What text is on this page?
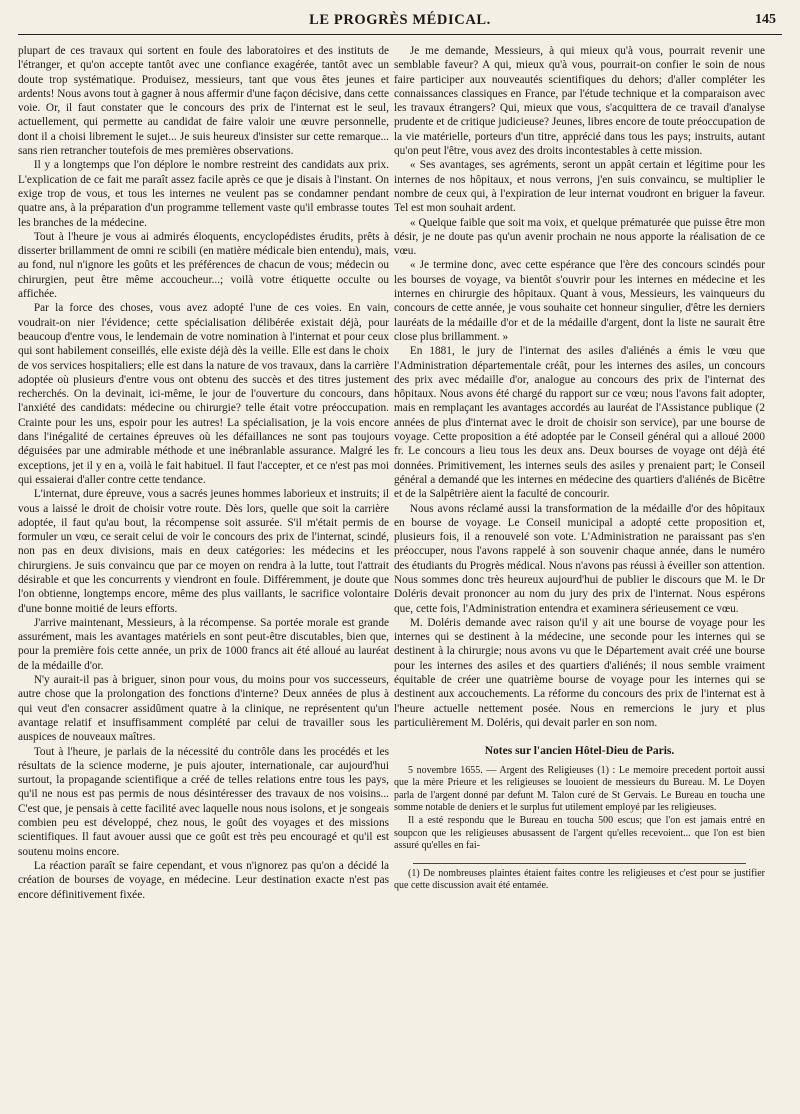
LE PROGRÈS MÉDICAL.	145

plupart de ces travaux qui sortent en foule des laboratoires et des instituts de l'étranger, et qu'on accepte tantôt avec une confiance exagérée, tantôt avec un doute trop systématique. Produisez, messieurs, tant que vous êtes jeunes et ardents! Nous avons tout à gagner à nous affermir d'une façon décisive, dans cette voie. Or, il faut constater que le concours des prix de l'internat est le seul, actuellement, qui permette au candidat de faire valoir une œuvre personnelle, dont il a choisi librement le sujet... Je suis heureux d'insister sur cette remarque... sans rien retrancher toutefois de mes premières observations.

Il y a longtemps que l'on déplore le nombre restreint des candidats aux prix. L'explication de ce fait me paraît assez facile après ce que je disais à l'instant. On exige trop de vous, et tous les internes ne veulent pas se condamner pendant quatre ans, à la préparation d'un programme tellement vaste qu'il embrasse toutes les branches de la médecine.

Tout à l'heure je vous ai admirés éloquents, encyclopédistes érudits, prêts à disserter brillamment de omni re scibili (en matière médicale bien entendu), mais, au fond, nul n'ignore les goûts et les préférences de chacun de vous; médecin ou chirurgien, peut être même accoucheur...; voilà votre étiquette occulte ou affichée.

Par la force des choses, vous avez adopté l'une de ces voies. En vain, voudrait-on nier l'évidence; cette spécialisation délibérée existait déjà, pour beaucoup d'entre vous, le lendemain de votre nomination à l'internat et pour ceux qui sont habilement conseillés, elle existe déjà dès la veille. Elle est dans le choix de vos services hospitaliers; elle est dans la nature de vos travaux, dans la carrière adoptée où plusieurs d'entre vous ont obtenu des succès et des titres justement recherchés. On la devinait, ici-même, le jour de l'ouverture du concours, dans l'anxiété des candidats: médecine ou chirurgie? telle était votre préoccupation. Crainte pour les uns, espoir pour les autres! La spécialisation, je la vois encore dans l'inégalité de certaines épreuves où les défaillances ne sont pas toujours déguisées par une admirable méthode et une inébranlable assurance. Malgré les exceptions, jet il y en a, voilà le fait habituel. Il faut l'accepter, et ce n'est pas moi qui essaierai d'aller contre cette tendance.

L'internat, dure épreuve, vous a sacrés jeunes hommes laborieux et instruits; il vous a laissé le droit de choisir votre route. Dès lors, quelle que soit la carrière adoptée, il faut qu'au bout, la récompense soit assurée. S'il m'était permis de formuler un vœu, ce serait celui de voir le concours des prix de l'internat, scindé, non pas en deux divisions, mais en deux catégories: les médecins et les chirurgiens. Je suis convaincu que par ce moyen on rendra à la lutte, tout l'attrait désirable et que les concurrents y viendront en foule. Différemment, je doute que l'on obtienne, longtemps encore, même des plus vaillants, le sacrifice volontaire d'une bonne moitié de leurs efforts.

J'arrive maintenant, Messieurs, à la récompense. Sa portée morale est grande assurément, mais les avantages matériels en sont peut-être discutables, bien que, pour la première fois cette année, un prix de 1000 francs ait été alloué au lauréat de la médaille d'or.

N'y aurait-il pas à briguer, sinon pour vous, du moins pour vos successeurs, autre chose que la prolongation des fonctions d'interne? Deux années de plus à qui veut d'en consacrer assidûment quatre à la clinique, ne représentent qu'un avantage relatif et insuffisamment complété par celui de travailler sous les auspices de nouveaux maîtres.

Tout à l'heure, je parlais de la nécessité du contrôle dans les procédés et les résultats de la science moderne, je puis ajouter, internationale, car aujourd'hui surtout, la propagande scientifique a créé de telles relations entre tous les pays, qu'il ne nous est pas permis de nous désintéresser des travaux de nos voisins... C'est que, je pensais à cette facilité avec laquelle nous nous isolons, et je songeais combien peu est développé, chez nous, le goût des voyages et des missions scientifiques. Il faut avouer aussi que ce goût est très peu encouragé et qu'il est soutenu moins encore.

La réaction paraît se faire cependant, et vous n'ignorez pas qu'on a décidé la création de bourses de voyage, en médecine. Leur destination exacte n'est pas encore définitivement fixée.

Je me demande, Messieurs, à qui mieux qu'à vous, pourrait revenir une semblable faveur? A qui, mieux qu'à vous, pourrait-on confier le soin de nous faire participer aux nouveautés scientifiques du dehors; d'aller compléter les connaissances classiques en France, par l'étude technique et la comparaison avec les travaux étrangers? Qui, mieux que vous, s'acquittera de ce travail d'analyse prudente et de critique judicieuse? Jeunes, libres encore de toute préoccupation de la vie matérielle, porteurs d'un titre, apprécié dans tous les pays; instruits, autant qu'on peut l'être, vous avez des droits incontestables à cette mission.

« Ses avantages, ses agréments, seront un appât certain et légitime pour les internes de nos hôpitaux, et nous verrons, j'en suis convaincu, se multiplier le nombre de ceux qui, à l'expiration de leur internat voudront en briguer la faveur. Tel est mon souhait ardent.

« Quelque faible que soit ma voix, et quelque prématurée que puisse être mon désir, je ne doute pas qu'un avenir prochain ne nous apporte la réalisation de ce vœu.

« Je termine donc, avec cette espérance que l'ère des concours scindés pour les bourses de voyage, va bientôt s'ouvrir pour les internes en médecine et les internes en chirurgie des hôpitaux. Quant à vous, Messieurs, les vainqueurs du concours de cette année, je vous souhaite cet honneur singulier, d'être les derniers lauréats de la médaille d'or et de la médaille d'argent, dont la liste ne saurait être close plus brillamment. »

En 1881, le jury de l'internat des asiles d'aliénés a émis le vœu que l'Administration départementale créât, pour les internes des asiles, un concours des prix avec médaille d'or, analogue au concours des prix de l'internat des hôpitaux. Nous avons été chargé du rapport sur ce vœu; nous l'avons fait adopter, mais en remplaçant les avantages accordés au lauréat de l'Assistance publique (2 années de plus d'internat avec le droit de choisir son service), par une bourse de voyage. Cette proposition a été adoptée par le Conseil général qui a alloué 2000 fr. Le concours a lieu tous les deux ans. Deux bourses de voyage ont déjà été données. Primitivement, les internes seuls des asiles y prenaient part; le Conseil général a demandé que les internes en médecine des quartiers d'aliénés de Bicêtre et de la Salpêtrière aient la faculté de concourir.

Nous avons réclamé aussi la transformation de la médaille d'or des hôpitaux en bourse de voyage. Le Conseil municipal a adopté cette proposition et, plusieurs fois, il a renouvelé son vote. L'Administration ne paraissant pas s'en préoccuper, nous l'avons rappelé à son souvenir chaque année, dans le numéro des étudiants du Progrès médical. Nous n'avons pas réussi à éveiller son attention. Nous sommes donc très heureux aujourd'hui de publier le discours que M. le Dr Doléris devait prononcer au nom du jury des prix de l'internat. Nous espérons que, cette fois, l'Administration entendra et examinera sérieusement ce vœu.

M. Doléris demande avec raison qu'il y ait une bourse de voyage pour les internes qui se destinent à la médecine, une seconde pour les internes qui se destinent à la chirurgie; nous avons vu que le Département avait créé une bourse pour les internes des asiles et des quartiers d'aliénés; il nous semble vraiment équitable de créer une quatrième bourse de voyage pour les internes qui se destinent aux accouchements. La réforme du concours des prix de l'internat est à l'heure actuelle nettement posée. Nous en remercions le jury et plus particulièrement M. Doléris, qui devait parler en son nom.

Notes sur l'ancien Hôtel-Dieu de Paris.

5 novembre 1655. — Argent des Religieuses (1) : Le memoire precedent portoit aussi que la mère Prieure et les religieuses se louoient de messieurs du Bureau. M. Le Doyen parla de l'argent donné par defunt M. Talon curé de St Gervais. Le Bureau en toucha une somme notable de deniers et le surplus fut utilement employé par les religieuses.

Il a esté respondu que le Bureau en toucha 500 escus; que l'on est jamais entré en soupcon que les religieuses abusassent de l'argent qu'elles recevoient... que l'on est bien assuré qu'elles en fai-

(1) De nombreuses plaintes étaient faites contre les religieuses et c'est pour se justifier que cette discussion avait été entamée.
